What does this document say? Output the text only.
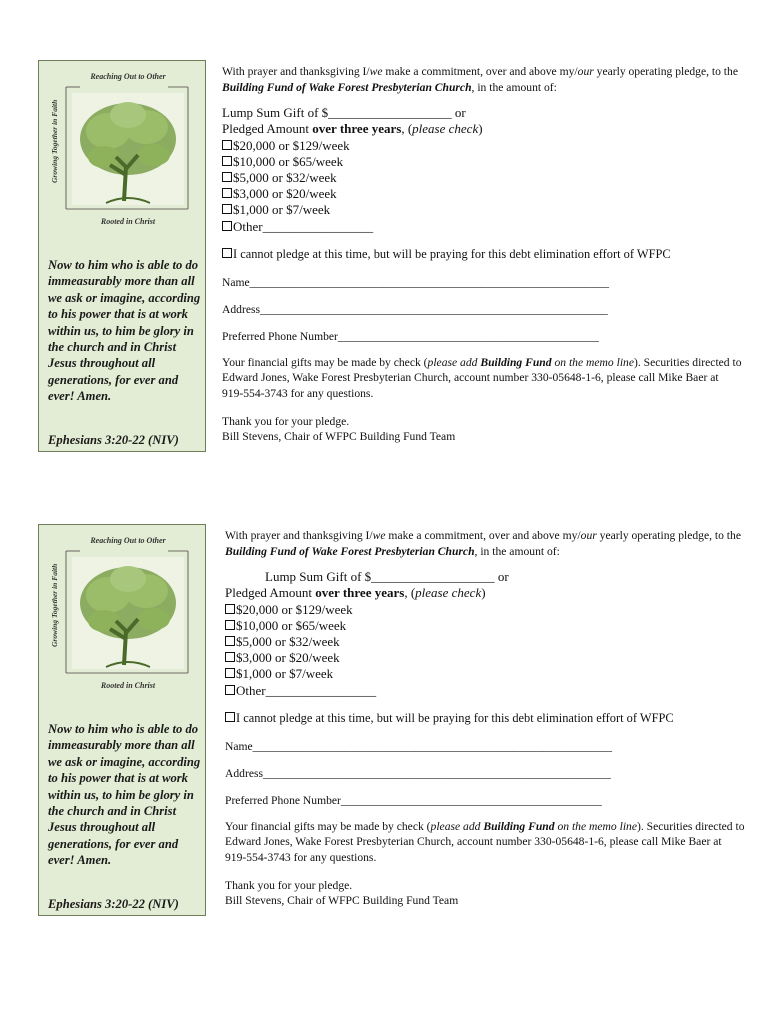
Reaching Out to Other
Growing Together in Faith
Rooted in Christ
Now to him who is able to do immeasurably more than all we ask or imagine, according to his power that is at work within us, to him be glory in the church and in Christ Jesus throughout all generations, for ever and ever! Amen.
Ephesians 3:20-22 (NIV)

With prayer and thanksgiving I/we make a commitment, over and above my/our yearly operating pledge, to the Building Fund of Wake Forest Presbyterian Church, in the amount of:

Lump Sum Gift of $___________________ or
Pledged Amount over three years, (please check)
$20,000 or $129/week
$10,000 or $65/week
$5,000 or $32/week
$3,000 or $20/week
$1,000 or $7/week
Other_________________
I cannot pledge at this time, but will be praying for this debt elimination effort of WFPC
Name______________________________________________________________
Address____________________________________________________________
Preferred Phone Number_____________________________________________
Your financial gifts may be made by check (please add Building Fund on the memo line). Securities directed to Edward Jones, Wake Forest Presbyterian Church, account number 330-05648-1-6, please call Mike Baer at 919-554-3743 for any questions.
Thank you for your pledge.
Bill Stevens, Chair of WFPC Building Fund Team
Reaching Out to Other
Growing Together in Faith
Rooted in Christ
Now to him who is able to do immeasurably more than all we ask or imagine, according to his power that is at work within us, to him be glory in the church and in Christ Jesus throughout all generations, for ever and ever! Amen.
Ephesians 3:20-22 (NIV)

With prayer and thanksgiving I/we make a commitment, over and above my/our yearly operating pledge, to the Building Fund of Wake Forest Presbyterian Church, in the amount of:

Lump Sum Gift of $___________________ or
Pledged Amount over three years, (please check)
$20,000 or $129/week
$10,000 or $65/week
$5,000 or $32/week
$3,000 or $20/week
$1,000 or $7/week
Other_________________
I cannot pledge at this time, but will be praying for this debt elimination effort of WFPC
Name______________________________________________________________
Address____________________________________________________________
Preferred Phone Number_____________________________________________
Your financial gifts may be made by check (please add Building Fund on the memo line). Securities directed to Edward Jones, Wake Forest Presbyterian Church, account number 330-05648-1-6, please call Mike Baer at 919-554-3743 for any questions.
Thank you for your pledge.
Bill Stevens, Chair of WFPC Building Fund Team
